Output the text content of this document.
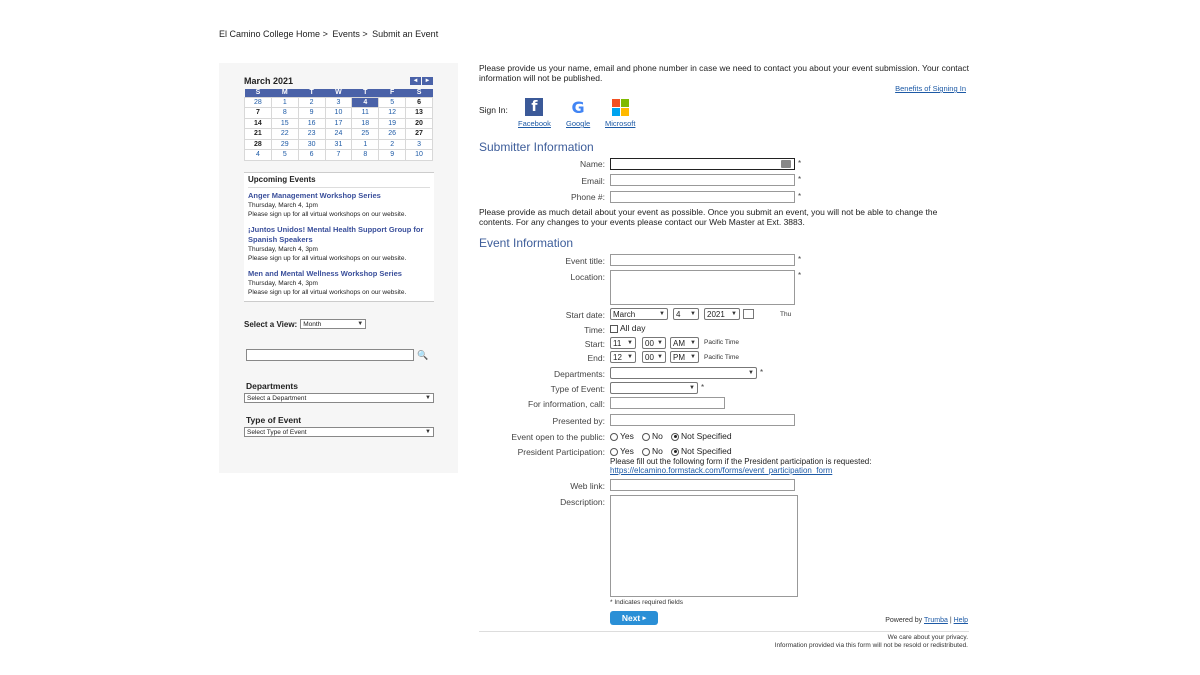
El Camino College Home > Events > Submit an Event
March 2021	◄	►
S	M	T	W	T	F	S
28	1	2	3	4	5	6
7	8	9	10	11	12	13
14	15	16	17	18	19	20
21	22	23	24	25	26	27
28	29	30	31	1	2	3
4	5	6	7	8	9	10
Upcoming Events
Anger Management Workshop Series
Thursday, March 4, 1pm
Please sign up for all virtual workshops on our website.
¡Juntos Unidos! Mental Health Support Group for Spanish Speakers
Thursday, March 4, 3pm
Please sign up for all virtual workshops on our website.
Men and Mental Wellness Workshop Series
Thursday, March 4, 3pm
Please sign up for all virtual workshops on our website.
Select a View: Month	▼
🔍
Departments
Select a Department	▼
Type of Event
Select Type of Event	▼
Please provide us your name, email and phone number in case we need to contact you about your event submission. Your contact information will not be published.
Benefits of Signing In
Sign In:	f
Facebook
G
Google Microsoft
Submitter Information
Name:	*
Email:	*
Phone #:	*
Please provide as much detail about your event as possible. Once you submit an event, you will not be able to change the contents. For any changes to your events please contact our Web Master at Ext. 3883.
Event Information
Event title:	*
Location:	*
Start date: March	▼ 4 ▼ 2021 ▼	Thu
Time:	All day
Start: 11 ▼ 00 ▼ AM ▼ Pacific Time
End: 12 ▼ 00 ▼ PM ▼ Pacific Time
Departments:	▼ *
Type of Event:	▼ *
For information, call:
Presented by:
Event open to the public:	Yes	No	Not Specified
President Participation:	Yes	No	Not Specified
Please fill out the following form if the President participation is requested:
https://elcamino.formstack.com/forms/event_participation_form
Web link:
Description:
* Indicates required fields
Next
▸	Powered by Trumba | Help
We care about your privacy.
Information provided via this form will not be resold or redistributed.
